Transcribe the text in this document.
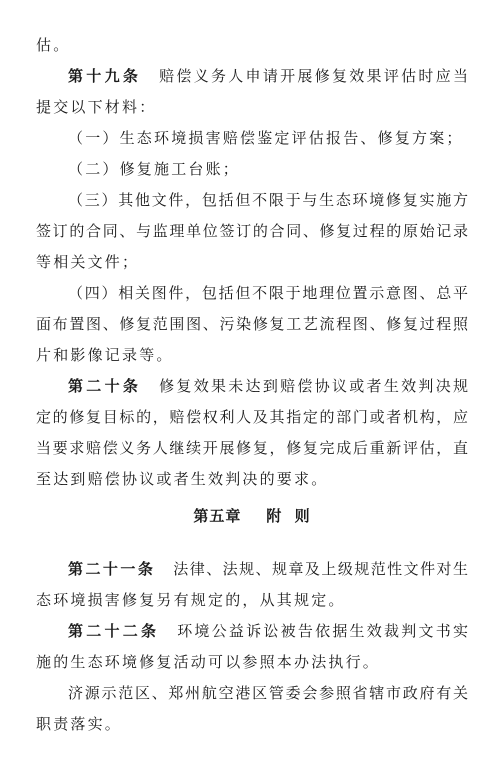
估。
第十九条 赔偿义务人申请开展修复效果评估时应当
提交以下材料：
（一）生态环境损害赔偿鉴定评估报告、修复方案；
（二）修复施工台账；
（三）其他文件，包括但不限于与生态环境修复实施方
签订的合同、与监理单位签订的合同、修复过程的原始记录
等相关文件；
（四）相关图件，包括但不限于地理位置示意图、总平
面布置图、修复范围图、污染修复工艺流程图、修复过程照
片和影像记录等。
第二十条 修复效果未达到赔偿协议或者生效判决规
定的修复目标的，赔偿权利人及其指定的部门或者机构，应
当要求赔偿义务人继续开展修复，修复完成后重新评估，直
至达到赔偿协议或者生效判决的要求。
第五章    附  则
第二十一条 法律、法规、规章及上级规范性文件对生
态环境损害修复另有规定的，从其规定。
第二十二条 环境公益诉讼被告依据生效裁判文书实
施的生态环境修复活动可以参照本办法执行。
济源示范区、郑州航空港区管委会参照省辖市政府有关
职责落实。
